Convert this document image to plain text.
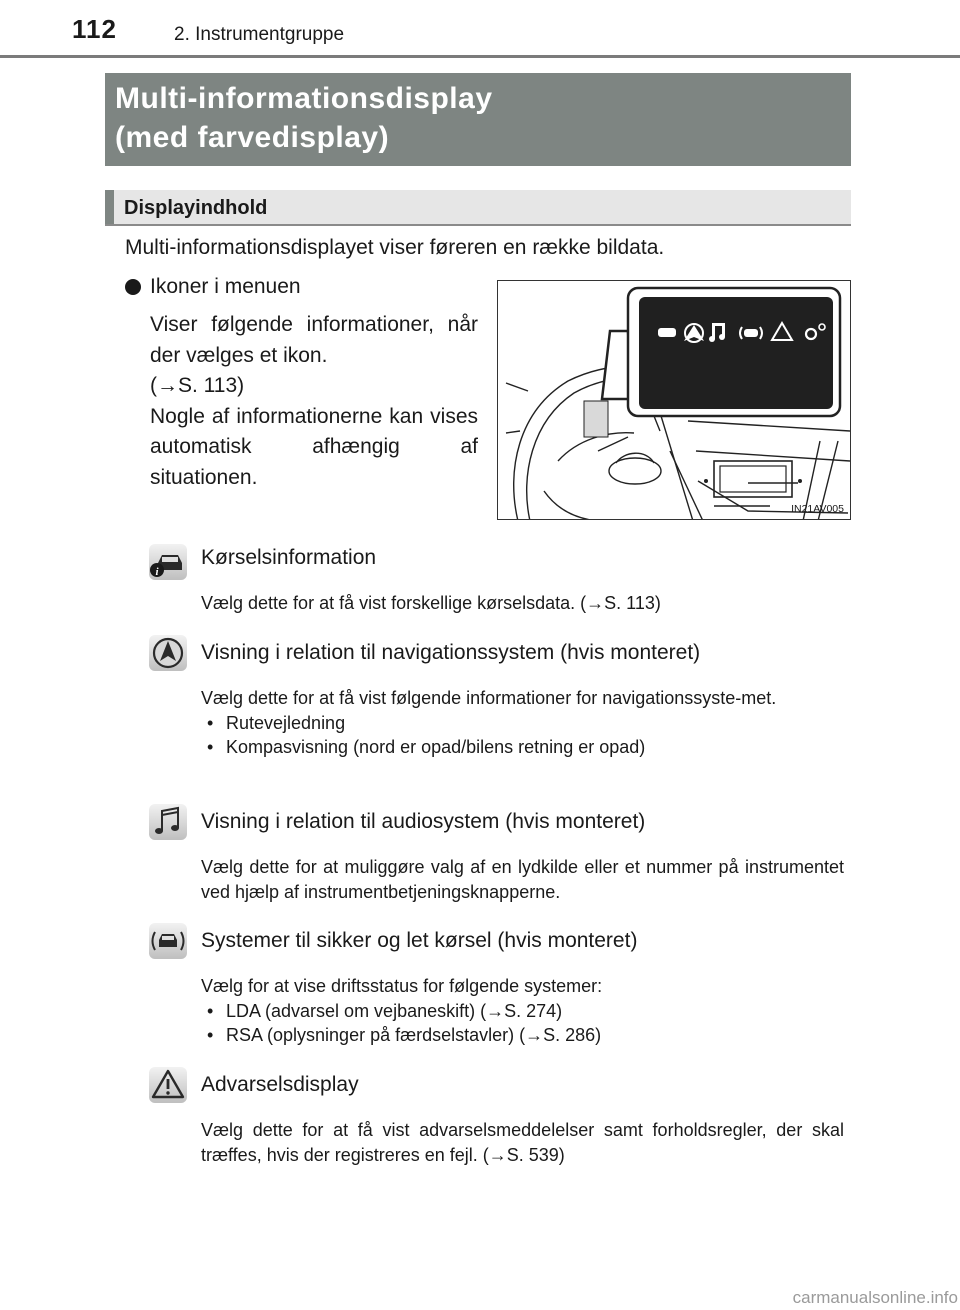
112	2. Instrumentgruppe
Multi-informationsdisplay
(med farvedisplay)
Displayindhold
Multi-informationsdisplayet viser føreren en række bildata.
Ikoner i menuen

Viser følgende informationer, når der vælges et ikon.

(→S. 113)

Nogle af informationerne kan vises automatisk afhængig af situationen.

IN21AV005
i
Kørselsinformation
Vælg dette for at få vist forskellige kørselsdata. (→S. 113)
Visning i relation til navigationssystem (hvis monteret)
Vælg dette for at få vist følgende informationer for navigationssyste-met.
• Rutevejledning
• Kompasvisning (nord er opad/bilens retning er opad)
Visning i relation til audiosystem (hvis monteret)
Vælg dette for at muliggøre valg af en lydkilde eller et nummer på instrumentet ved hjælp af instrumentbetjeningsknapperne.
Systemer til sikker og let kørsel (hvis monteret)
Vælg for at vise driftsstatus for følgende systemer:
• LDA (advarsel om vejbaneskift) (→S. 274)
• RSA (oplysninger på færdselstavler) (→S. 286)
Advarselsdisplay
Vælg dette for at få vist advarselsmeddelelser samt forholdsregler, der skal træffes, hvis der registreres en fejl. (→S. 539)
carmanualsonline.info
